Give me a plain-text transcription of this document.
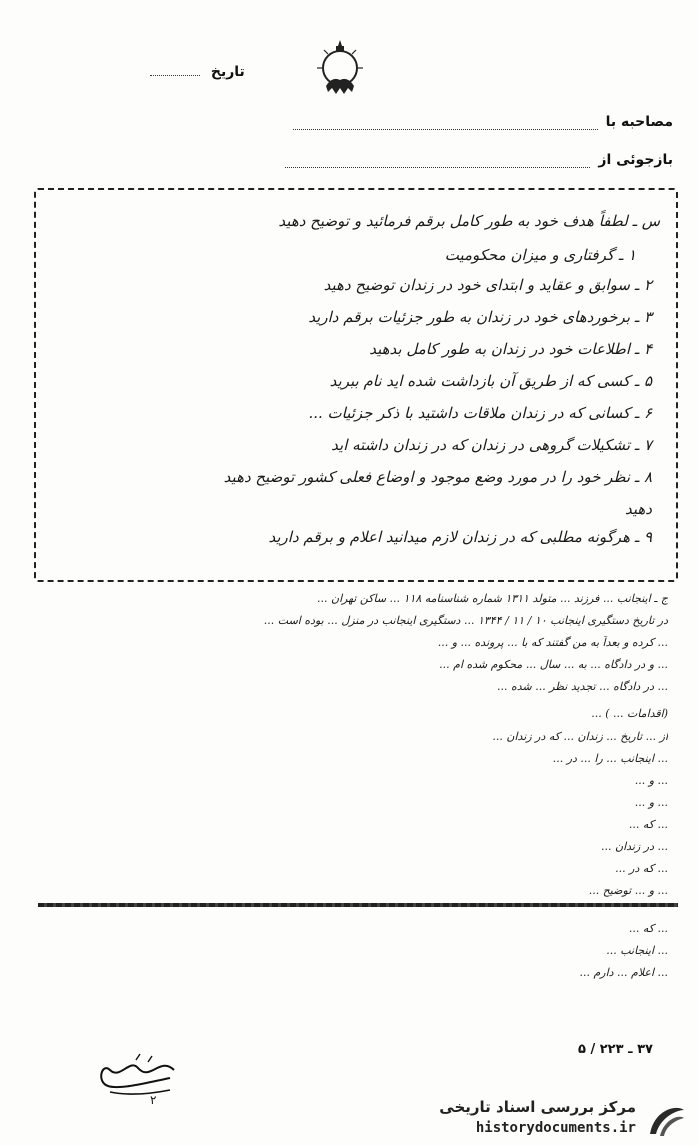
تاریخ
مصاحبه با
بازجوئی از
س ـ لطفاً هدف خود به طور کامل برقم فرمائید و توضیح دهید
۱ ـ گرفتاری و میزان محکومیت
۲ ـ سوابق و عقاید و ابتدای خود در زندان توضیح دهید
۳ ـ برخوردهای خود در زندان به طور جزئیات برقم دارید
۴ ـ اطلاعات خود در زندان به طور کامل بدهید
۵ ـ کسی که از طریق آن بازداشت شده اید نام ببرید
۶ ـ کسانی که در زندان ملاقات داشتید با ذکر جزئیات ...
۷ ـ تشکیلات گروهی در زندان که در زندان داشته اید
۸ ـ نظر خود را در مورد وضع موجود و اوضاع فعلی کشور توضیح دهید
دهید
۹ ـ هرگونه مطلبی که در زندان لازم میدانید اعلام و برقم دارید
ج ـ اینجانب ... فرزند ... متولد ۱۳۱۱ شماره شناسنامه ۱۱۸ ... ساکن تهران ...
در تاریخ دستگیری اینجانب ۱۰ / ۱۱ / ۱۳۴۴ ... دستگیری اینجانب در منزل ... بوده است ...
... کرده و بعداً به من گفتند که با ... پرونده ... و ...
... و در دادگاه ... به ... سال ... محکوم شده ام ...
... در دادگاه ... تجدید نظر ... شده ...
(اقدامات ... ) ...
از ... تاریخ ... زندان ... که در زندان ...
... اینجانب ... را ... در ...
... و ...
... و ...
... که ...
... در زندان ...
... که در ...
... و ... توضیح ...
... که ...
... اینجانب ...
... اعلام ... دارم ...
۳۷ ـ ۲۲۳ / ۵
۲	مرکز بررسی اسناد تاریخی
historydocuments.ir
